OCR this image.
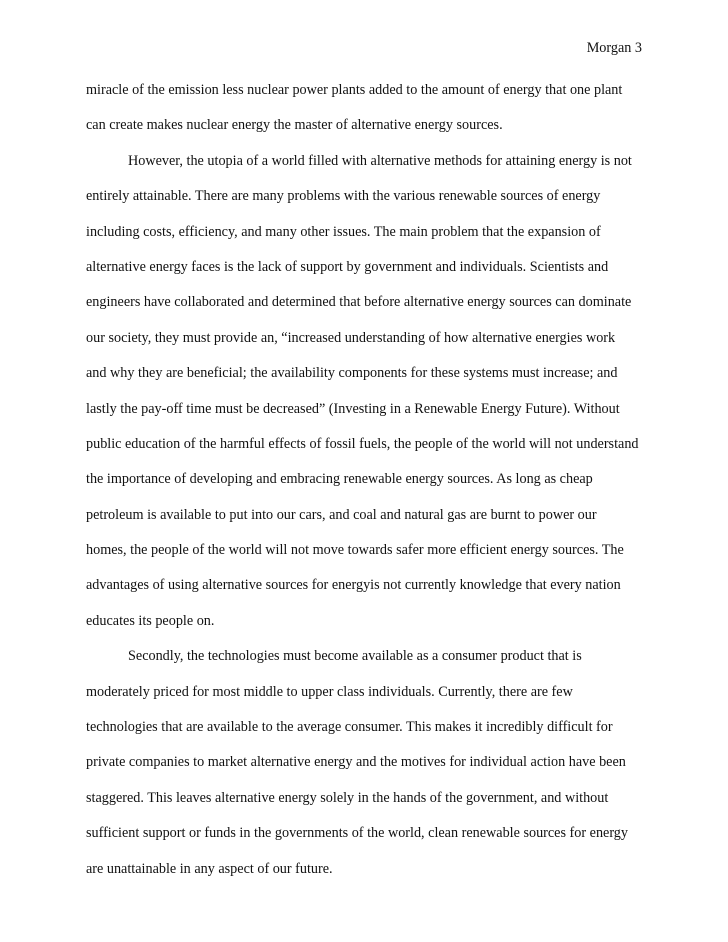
Morgan 3
miracle of the emission less nuclear power plants added to the amount of energy that one plant
can create makes nuclear energy the master of alternative energy sources.
However, the utopia of a world filled with alternative methods for attaining energy is not
entirely attainable. There are many problems with the various renewable sources of energy
including costs, efficiency, and many other issues. The main problem that the expansion of
alternative energy faces is the lack of support by government and individuals. Scientists and
engineers have collaborated and determined that before alternative energy sources can dominate
our society, they must provide an, “increased understanding of how alternative energies work
and why they are beneficial; the availability components for these systems must increase; and
lastly the pay-off time must be decreased” (Investing in a Renewable Energy Future). Without
public education of the harmful effects of fossil fuels, the people of the world will not understand
the importance of developing and embracing renewable energy sources. As long as cheap
petroleum is available to put into our cars, and coal and natural gas are burnt to power our
homes, the people of the world will not move towards safer more efficient energy sources. The
advantages of using alternative sources for energyis not currently knowledge that every nation
educates its people on.
Secondly, the technologies must become available as a consumer product that is
moderately priced for most middle to upper class individuals. Currently, there are few
technologies that are available to the average consumer. This makes it incredibly difficult for
private companies to market alternative energy and the motives for individual action have been
staggered. This leaves alternative energy solely in the hands of the government, and without
sufficient support or funds in the governments of the world, clean renewable sources for energy
are unattainable in any aspect of our future.
